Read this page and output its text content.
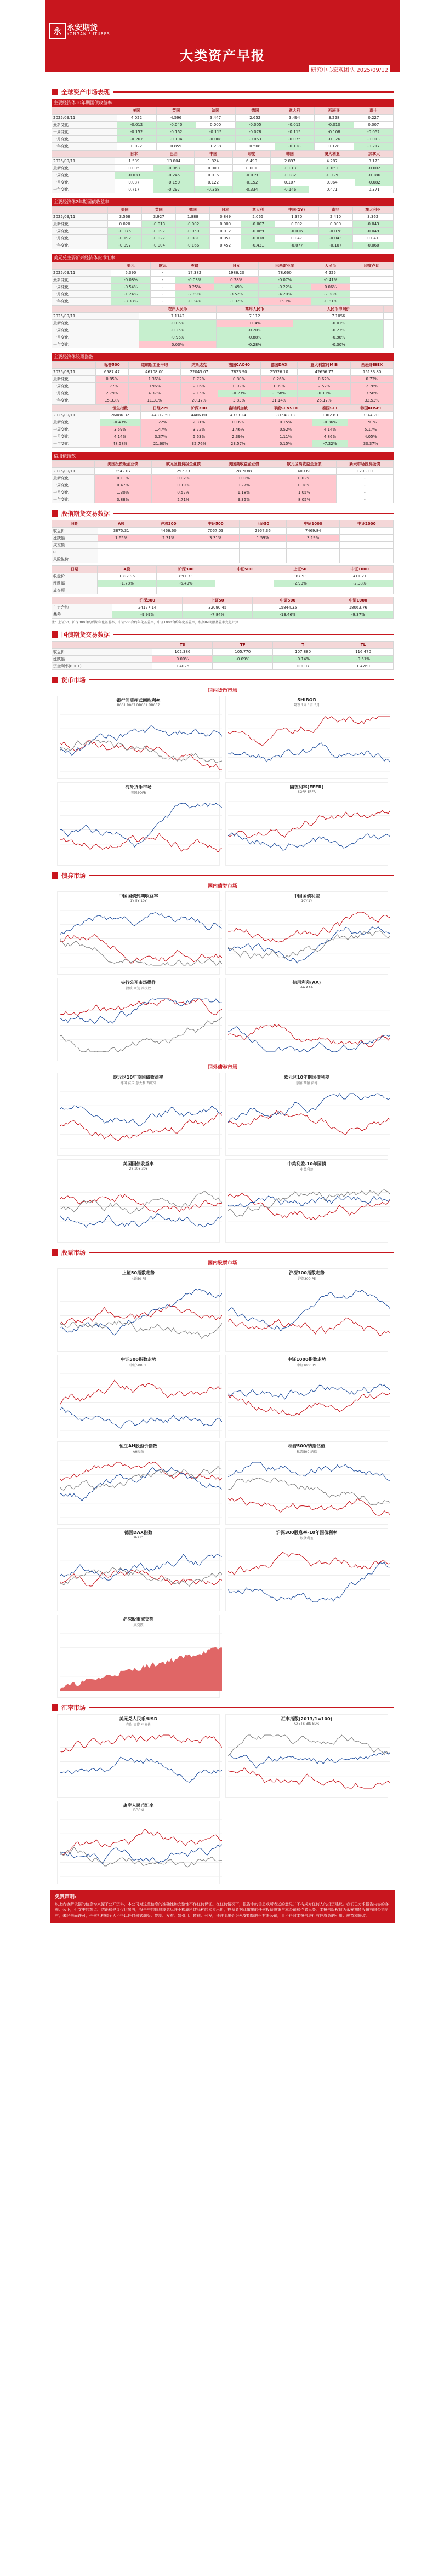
永 永安期货
YONGAN FUTURES
大类资产早报
研究中心宏观团队 2025/09/12
全球资产市场表现
主要经济体10年期国债收益率
	美国	英国	法国	德国	意大利	西班牙	瑞士
2025/09/11	4.022	4.596	3.447	2.652	3.494	3.228	0.227
最新变化	-0.012	-0.040	0.000	-0.005	-0.012	-0.010	0.007
一周变化	-0.152	-0.162	-0.115	-0.078	-0.115	-0.108	-0.052
一月变化	-0.267	-0.104	-0.008	-0.063	-0.075	-0.126	-0.013
一年变化	0.022	0.855	1.238	0.508	-0.118	0.128	-0.217
	日本	巴西	中国	印度	韩国	澳大利亚	加拿大
2025/09/11	1.589	13.804	1.824	6.490	2.897	4.287	3.173
最新变化	0.005	-0.063	0.000	0.001	-0.013	-0.051	-0.002
一周变化	-0.033	-0.245	0.016	-0.019	-0.082	-0.129	-0.186
一月变化	0.087	-0.150	0.122	-0.152	0.107	0.064	-0.082
一年变化	0.717	-0.297	-0.358	-0.334	-0.146	0.471	0.371
主要经济体2年期国债收益率
	美国	英国	德国	日本	意大利	中国(1Y)	南非	澳大利亚
2025/09/11	3.568	3.927	1.888	0.849	2.065	1.370	2.410	3.362
最新变化	0.020	-0.013	-0.002	0.000	-0.007	0.002	0.000	-0.043
一周变化	-0.075	-0.097	-0.050	0.012	-0.069	-0.016	-0.078	-0.049
一月变化	-0.192	-0.027	-0.081	0.051	-0.018	0.047	-0.043	0.041
一年变化	-0.097	-0.004	-0.166	0.452	-0.431	-0.077	-0.107	-0.060
美元兑主要新兴经济体货币汇率
	美元	欧元	英镑	日元	巴西雷亚尔	人民币	印度卢比
2025/09/11	5.390	-	17.382	1986.20	78.660	4.225	
最新变化	-0.08%	-	-0.03%	0.28%	-0.07%	-0.41%	
一周变化	-0.54%	-	0.25%	-1.49%	-0.22%	0.06%	
一月变化	-1.24%	-	-2.89%	-3.52%	-4.20%	-2.38%	
一年变化	-3.33%	-	-0.34%	-1.32%	1.91%	-0.81%	
	在岸人民币	离岸人民币	人民币中间价	
2025/09/11	7.1142	7.112	7.1056	
最新变化	-0.06%	0.04%	-0.01%	
一周变化	-0.25%	-0.20%	-0.23%	
一月变化	-0.96%	-0.88%	-0.98%	
一年变化	0.03%	-0.28%	-0.30%	
主要经济体股票指数
	标普500	道琼斯工业平均	纳斯达克	法国CAC40	德国DAX	意大利富时MIB	西班牙IBEX
2025/09/11	6587.47	46108.00	22043.07	7823.90	25326.10	42656.77	15133.80
最新变化	0.85%	1.36%	0.72%	0.80%	0.26%	0.62%	0.73%
一周变化	1.77%	0.96%	2.16%	0.92%	1.09%	2.52%	2.76%
一月变化	2.79%	4.37%	2.15%	-0.23%	-1.58%	-0.11%	3.58%
一年变化	15.33%	11.31%	20.17%	3.83%	31.14%	26.17%	32.53%
	恒生指数	日经225	沪深300	富时新加坡	印度SENSEX	泰国SET	韩国KOSPI
2025/09/11	26086.32	44372.50	4466.60	4333.24	81548.73	1302.63	3344.70
最新变化	-0.43%	1.22%	2.31%	0.16%	0.15%	-0.36%	1.91%
一周变化	3.59%	1.47%	3.72%	1.46%	0.52%	4.14%	5.17%
一月变化	4.14%	3.37%	5.63%	2.39%	1.11%	4.86%	4.05%
一年变化	48.58%	21.60%	32.76%	23.57%	0.15%	-7.22%	30.37%
信用债指数
	美国投资级企业债	欧元区投资级企业债	美国高收益企业债	欧元区高收益企业债	新兴市场投资级债
2025/09/11	3542.07	257.23	2819.88	409.61	1293.10
最新变化	0.11%	0.02%	0.09%	0.02%	-
一周变化	0.47%	0.19%	0.27%	0.18%	-
一月变化	1.30%	0.57%	1.18%	1.05%	-
一年变化	3.88%	2.71%	9.35%	8.05%	-
股指期货交易数据
日期	A股	沪深300	中证500	上证50	中证1000	中证2000
收盘价	3875.31	4466.60	7057.03	2957.36	7469.84	
涨跌幅	1.65%	2.31%	3.31%	1.59%	3.19%	
成交额						
PE						
风险溢价						
日期	A股	沪深300	中证500	上证50	中证1000
收盘价	1392.96	897.33		387.93	411.21
涨跌幅	-1.78%	-6.49%		-2.93%	-2.38%
成交额					
	沪深300	上证50	中证500	中证1000
主力合约	24177.14	32090.45	15844.35	18063.76
基差	-9.99%	-7.84%	-13.46%	-9.37%
注：上证50、沪深300合约到期年化基差率，中证500合约年化基差率，中证1000合约年化基差率，根据IM期限基差率变化计算
国债期货交易数据
	TS	TF	T	TL
收盘价	102.386	105.770	107.880	116.470
涨跌幅	0.00%	-0.09%	-0.14%	-0.51%
资金利率(R001)	1.4026		DR007	1.4760
货币市场
国内货币市场
银行间质押式回购利率
R001 R007 DR001 DR007
SHIBOR
隔夜 1周 1月 3月
海外货币市场
美国SOFR
隔夜利率(EFFR)
SOFR EFFR
债券市场
国内债券市场
中国国债到期收益率
1Y 5Y 10Y
中国国债利差
10Y-1Y
央行公开市场操作
投放 回笼 净投放
信用利差(AA)
AA AAA
国外债券市场
欧元区10年期国债收益率
德国 法国 意大利 西班牙
欧元区10年期国债利差
意德 西德 法德
美国国债收益率
2Y 10Y 30Y
中美利差-10年国债
中美利差
股票市场
国内股票市场
上证50指数走势
上证50 PE
沪深300指数走势
沪深300 PE
中证500指数走势
中证500 PE
中证1000指数走势
中证1000 PE
恒生AH股溢价指数
AH溢价
标普500/纳指估值
标普500 纳指
德国DAX指数
DAX PE
沪深300股息率-10年国债利率
股债利差
沪深股市成交额
成交额
汇率市场
美元兑人民币/USD
在岸 离岸 中间价
汇率指数(2013/1=100)
CFETS BIS SDR
离岸人民币汇率
USDCNH
免责声明:
以上内容所依据的信息均来源于公开资料，本公司对这些信息的准确性和完整性不作任何保证。在任何情况下，报告中的信息或所表述的意见并不构成对任何人的投资建议。我们已力求报告内容的客观、公正，但文中的观点、结论和建议仅供参考，报告中的信息或意见并不构成所述品种的买卖出价，投资者据此做出的任何投资决策与本公司和作者无关。本报告版权仅为永安期货股份有限公司所有，未经书面许可，任何机构和个人不得以任何形式翻版、复制、发布。如引用、转载、刊发，须注明出处为永安期货股份有限公司，且不得对本报告进行有悖原意的引用、删节和修改。
